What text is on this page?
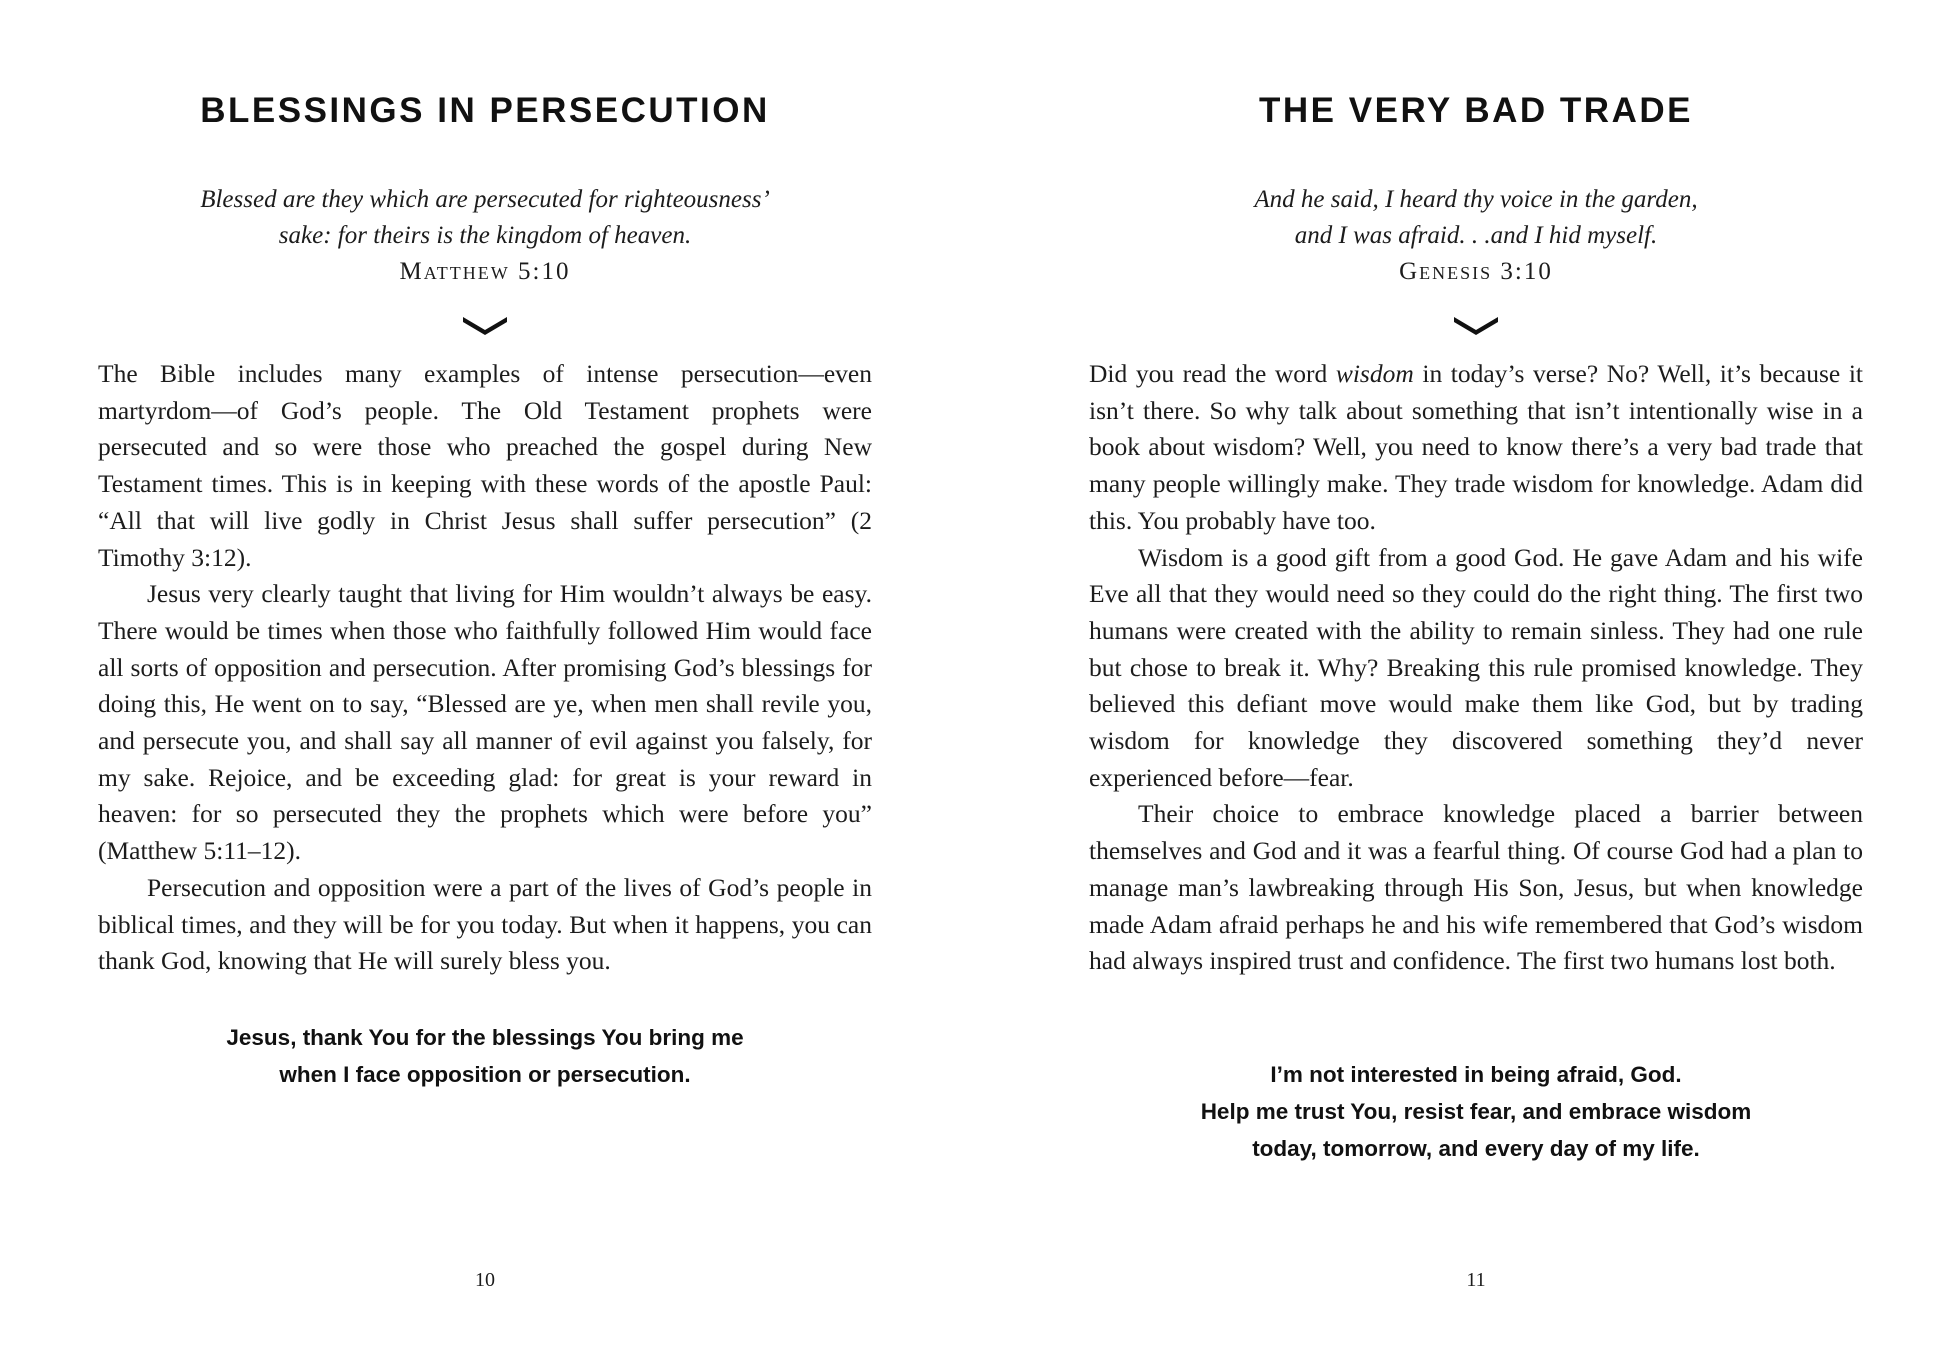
BLESSINGS IN PERSECUTION

Blessed are they which are persecuted for righteousness’

sake: for theirs is the kingdom of heaven.

Matthew 5:10

The Bible includes many examples of intense persecution—even martyrdom—of God’s people. The Old Testament prophets were persecuted and so were those who preached the gospel during New Testament times. This is in keeping with these words of the apostle Paul: “All that will live godly in Christ Jesus shall suffer persecution” (2 Timothy 3:12).

Jesus very clearly taught that living for Him wouldn’t always be easy. There would be times when those who faithfully followed Him would face all sorts of opposition and persecution. After promising God’s blessings for doing this, He went on to say, “Blessed are ye, when men shall revile you, and persecute you, and shall say all manner of evil against you falsely, for my sake. Rejoice, and be exceeding glad: for great is your reward in heaven: for so persecuted they the prophets which were before you” (Matthew 5:11–12).

Persecution and opposition were a part of the lives of God’s people in biblical times, and they will be for you today. But when it happens, you can thank God, knowing that He will surely bless you.

Jesus, thank You for the blessings You bring me

when I face opposition or persecution.

10
THE VERY BAD TRADE

And he said, I heard thy voice in the garden,

and I was afraid. . .and I hid myself.

Genesis 3:10

Did you read the word wisdom in today’s verse? No? Well, it’s because it isn’t there. So why talk about something that isn’t intentionally wise in a book about wisdom? Well, you need to know there’s a very bad trade that many people willingly make. They trade wisdom for knowledge. Adam did this. You probably have too.

Wisdom is a good gift from a good God. He gave Adam and his wife Eve all that they would need so they could do the right thing. The first two humans were created with the ability to remain sinless. They had one rule but chose to break it. Why? Breaking this rule promised knowledge. They believed this defiant move would make them like God, but by trading wisdom for knowledge they discovered something they’d never experienced before—fear.

Their choice to embrace knowledge placed a barrier between themselves and God and it was a fearful thing. Of course God had a plan to manage man’s lawbreaking through His Son, Jesus, but when knowledge made Adam afraid perhaps he and his wife remembered that God’s wisdom had always inspired trust and confidence. The first two humans lost both.

I’m not interested in being afraid, God.

Help me trust You, resist fear, and embrace wisdom

today, tomorrow, and every day of my life.

11
